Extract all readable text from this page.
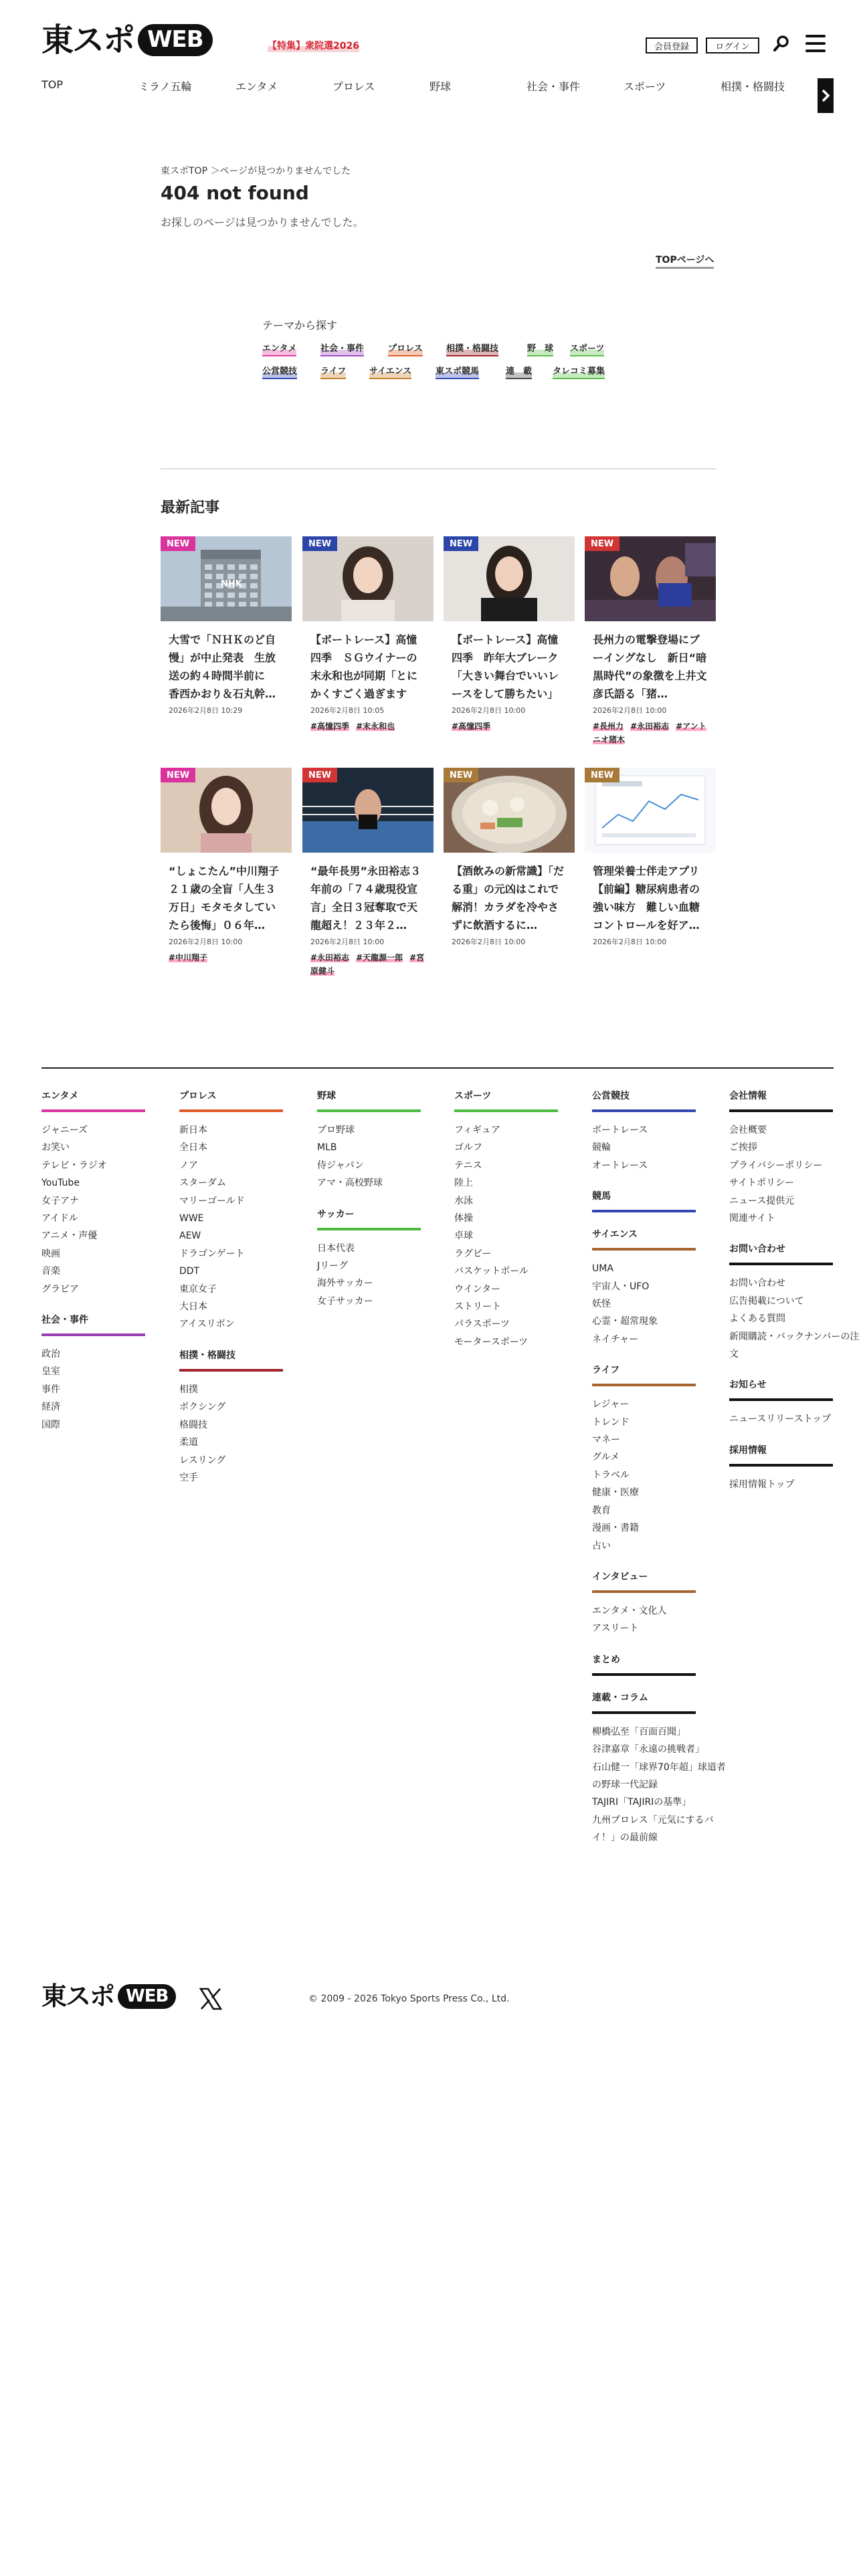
東スポ WEB	【特集】衆院選2026	会員登録	ログイン
TOP	ミラノ五輪	エンタメ	プロレス	野球	社会・事件	スポーツ	相撲・格闘技
東スポTOP ＞ページが見つかりませんでした
404 not found

お探しのページは見つかりませんでした。

TOPページへ
テーマから探す
エンタメ	社会・事件	プロレス	相撲・格闘技	野　球 スポーツ
公営競技	ライフ	サイエンス	東スポ競馬	連　載 タレコミ募集
最新記事
NHK
NEW
大雪で「ＮＨＫのど自慢」が中止発表　生放送の約４時間半前に　香西かおり＆石丸幹…
2026年2月8日 10:29
NEW
【ボートレース】高憧四季　ＳＧウイナーの末永和也が同期「とにかくすごく過ぎます
2026年2月8日 10:05
#高憧四季 #末永和也
NEW
【ボートレース】高憧四季　昨年大ブレーク「大きい舞台でいいレースをして勝ちたい」
2026年2月8日 10:00
#高憧四季
NEW
長州力の電撃登場にブーイングなし　新日“暗黒時代”の象徴を上井文彦氏語る「猪…
2026年2月8日 10:00
#長州力 #永田裕志 #アントニオ猪木
NEW
“しょこたん”中川翔子２１歳の全盲「人生３万日」モタモタしていたら後悔」０６年…
2026年2月8日 10:00
#中川翔子
NEW
“最年長男”永田裕志３年前の「７４歳現役宣言」全日３冠奪取で天龍超え！２３年２…
2026年2月8日 10:00
#永田裕志 #天龍源一郎 #宮原健斗
NEW
【酒飲みの新常識】「だる重」の元凶はこれで解消！カラダを冷やさずに飲酒するに…
2026年2月8日 10:00
NEW
管理栄養士伴走アプリ【前編】糖尿病患者の強い味方　難しい血糖コントロールを好ア…
2026年2月8日 10:00
エンタメ
ジャニーズ
お笑い
テレビ・ラジオ
YouTube
女子アナ
アイドル
アニメ・声優
映画
音楽
グラビア
社会・事件
政治
皇室
事件
経済
国際
プロレス
新日本
全日本
ノア
スターダム
マリーゴールド
WWE
AEW
ドラゴンゲート
DDT
東京女子
大日本
アイスリボン
相撲・格闘技
相撲
ボクシング
格闘技
柔道
レスリング
空手
野球
プロ野球
MLB
侍ジャパン
アマ・高校野球
サッカー
日本代表
Jリーグ
海外サッカー
女子サッカー
スポーツ
フィギュア
ゴルフ
テニス
陸上
水泳
体操
卓球
ラグビー
バスケットボール
ウインター
ストリート
パラスポーツ
モータースポーツ
公営競技
ボートレース
競輪
オートレース
競馬
サイエンス
UMA
宇宙人・UFO
妖怪
心霊・超常現象
ネイチャー
ライフ
レジャー
トレンド
マネー
グルメ
トラベル
健康・医療
教育
漫画・書籍
占い
インタビュー
エンタメ・文化人
アスリート
まとめ
連載・コラム
柳橋弘至「百面百聞」
谷津嘉章「永遠の挑戦者」
石山健一「球界70年超」球道者の野球一代記録
TAJIRI「TAJIRIの基準」
九州プロレス「元気にするバイ！」の最前線
会社情報
会社概要
ご挨拶
プライバシーポリシー
サイトポリシー
ニュース提供元
関連サイト
お問い合わせ
お問い合わせ
広告掲載について
よくある質問
新聞購読・バックナンバーの注文
お知らせ
ニュースリリーストップ
採用情報
採用情報トップ
東スポ WEB	© 2009 - 2026 Tokyo Sports Press Co., Ltd.
